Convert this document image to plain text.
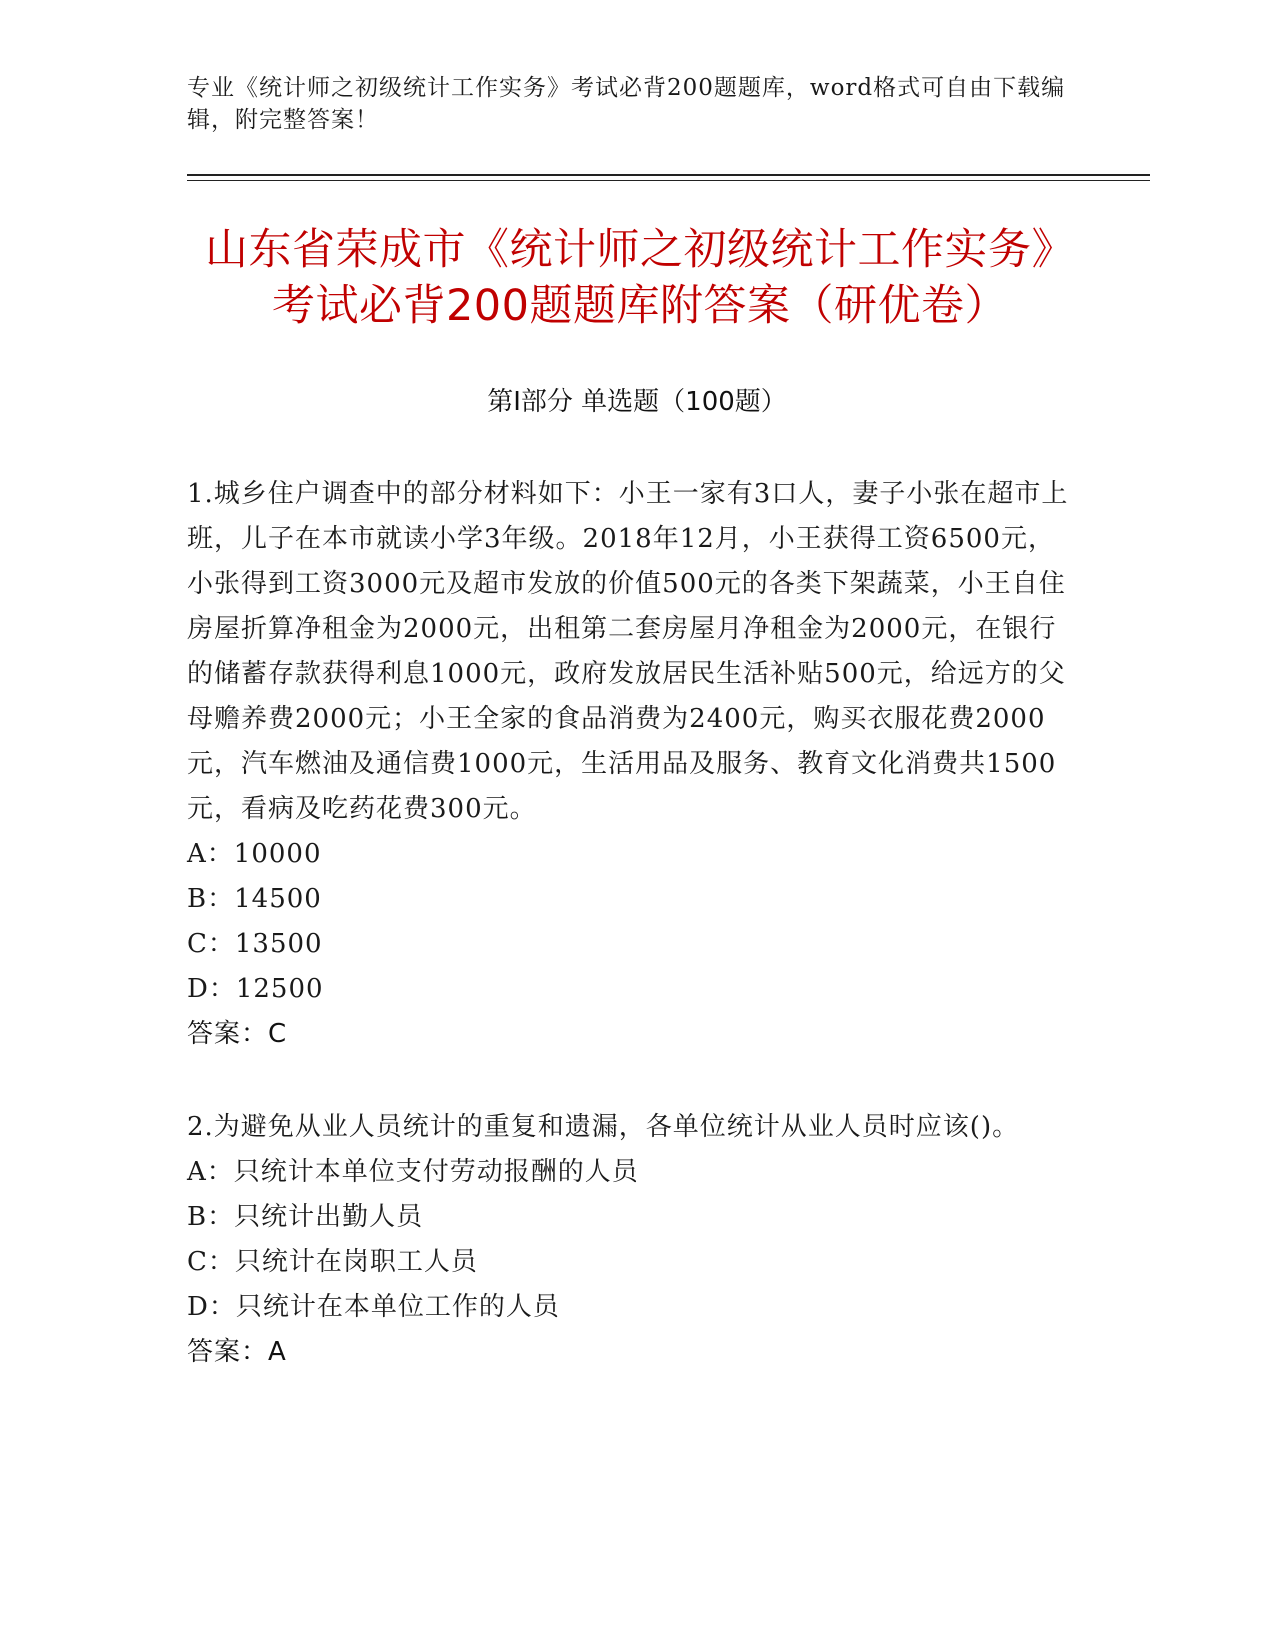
专业《统计师之初级统计工作实务》考试必背200题题库，word格式可自由下载编辑，附完整答案！
山东省荣成市《统计师之初级统计工作实务》考试必背200题题库附答案（研优卷）
第I部分 单选题（100题）

1.城乡住户调查中的部分材料如下：小王一家有3口人，妻子小张在超市上班，儿子在本市就读小学3年级。2018年12月，小王获得工资6500元，小张得到工资3000元及超市发放的价值500元的各类下架蔬菜，小王自住房屋折算净租金为2000元，出租第二套房屋月净租金为2000元，在银行的储蓄存款获得利息1000元，政府发放居民生活补贴500元，给远方的父母赡养费2000元；小王全家的食品消费为2400元，购买衣服花费2000元，汽车燃油及通信费1000元，生活用品及服务、教育文化消费共1500元，看病及吃药花费300元。

A：10000

B：14500

C：13500

D：12500

答案：C

2.为避免从业人员统计的重复和遗漏，各单位统计从业人员时应该()。

A：只统计本单位支付劳动报酬的人员

B：只统计出勤人员

C：只统计在岗职工人员

D：只统计在本单位工作的人员

答案：A
